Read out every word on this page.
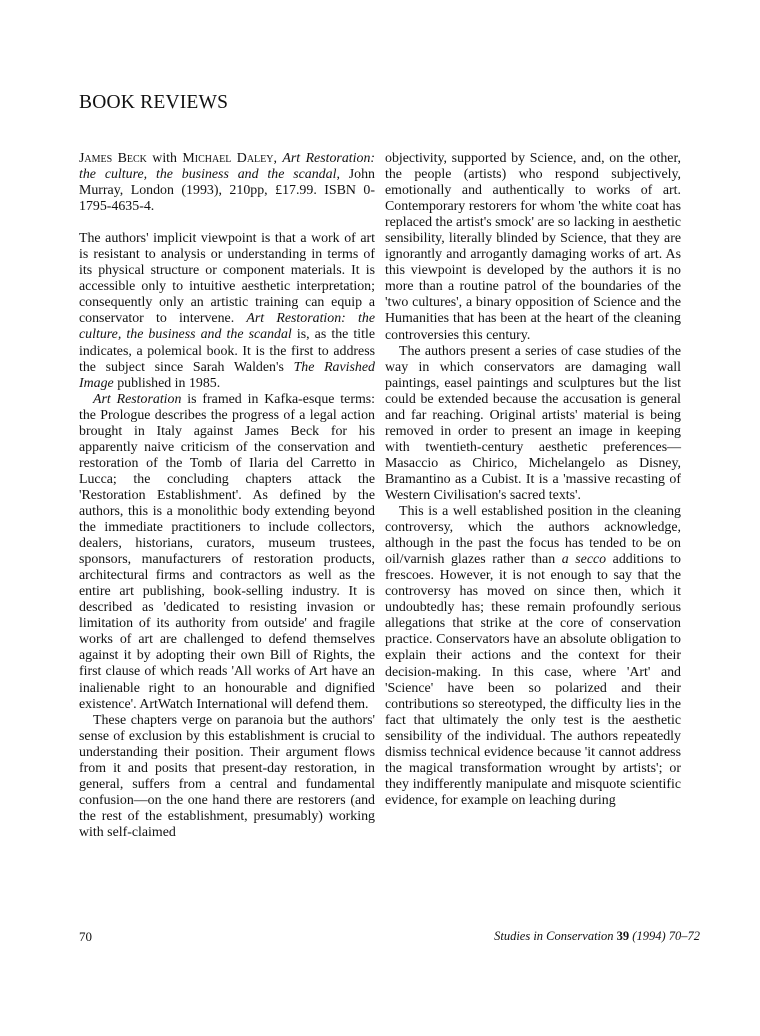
BOOK REVIEWS

James Beck with Michael Daley, Art Restoration: the culture, the business and the scandal, John Murray, London (1993), 210pp, £17.99. ISBN 0-1795-4635-4.

The authors' implicit viewpoint is that a work of art is resistant to analysis or understanding in terms of its physical structure or component materials. It is accessible only to intuitive aesthetic interpretation; consequently only an artistic training can equip a conservator to intervene. Art Restoration: the culture, the business and the scandal is, as the title indicates, a polemical book. It is the first to address the subject since Sarah Walden's The Ravished Image published in 1985.

Art Restoration is framed in Kafka-esque terms: the Prologue describes the progress of a legal action brought in Italy against James Beck for his apparently naive criticism of the conservation and restoration of the Tomb of Ilaria del Carretto in Lucca; the concluding chapters attack the 'Restoration Establishment'. As defined by the authors, this is a monolithic body extending beyond the immediate practitioners to include collectors, dealers, historians, curators, museum trustees, sponsors, manufacturers of restoration products, architectural firms and contractors as well as the entire art publishing, book-selling industry. It is described as 'dedicated to resisting invasion or limitation of its authority from outside' and fragile works of art are challenged to defend themselves against it by adopting their own Bill of Rights, the first clause of which reads 'All works of Art have an inalienable right to an honourable and dignified existence'. ArtWatch International will defend them.

These chapters verge on paranoia but the authors' sense of exclusion by this establishment is crucial to understanding their position. Their argument flows from it and posits that present-day restoration, in general, suffers from a central and fundamental confusion—on the one hand there are restorers (and the rest of the establishment, presumably) working with self-claimed

objectivity, supported by Science, and, on the other, the people (artists) who respond subjectively, emotionally and authentically to works of art. Contemporary restorers for whom 'the white coat has replaced the artist's smock' are so lacking in aesthetic sensibility, literally blinded by Science, that they are ignorantly and arrogantly damaging works of art. As this viewpoint is developed by the authors it is no more than a routine patrol of the boundaries of the 'two cultures', a binary opposition of Science and the Humanities that has been at the heart of the cleaning controversies this century.

The authors present a series of case studies of the way in which conservators are damaging wall paintings, easel paintings and sculptures but the list could be extended because the accusation is general and far reaching. Original artists' material is being removed in order to present an image in keeping with twentieth-century aesthetic preferences—Masaccio as Chirico, Michelangelo as Disney, Bramantino as a Cubist. It is a 'massive recasting of Western Civilisation's sacred texts'.

This is a well established position in the cleaning controversy, which the authors acknowledge, although in the past the focus has tended to be on oil/varnish glazes rather than a secco additions to frescoes. However, it is not enough to say that the controversy has moved on since then, which it undoubtedly has; these remain profoundly serious allegations that strike at the core of conservation practice. Conservators have an absolute obligation to explain their actions and the context for their decision-making. In this case, where 'Art' and 'Science' have been so polarized and their contributions so stereotyped, the difficulty lies in the fact that ultimately the only test is the aesthetic sensibility of the individual. The authors repeatedly dismiss technical evidence because 'it cannot address the magical transformation wrought by artists'; or they indifferently manipulate and misquote scientific evidence, for example on leaching during

70	Studies in Conservation 39 (1994) 70–72
